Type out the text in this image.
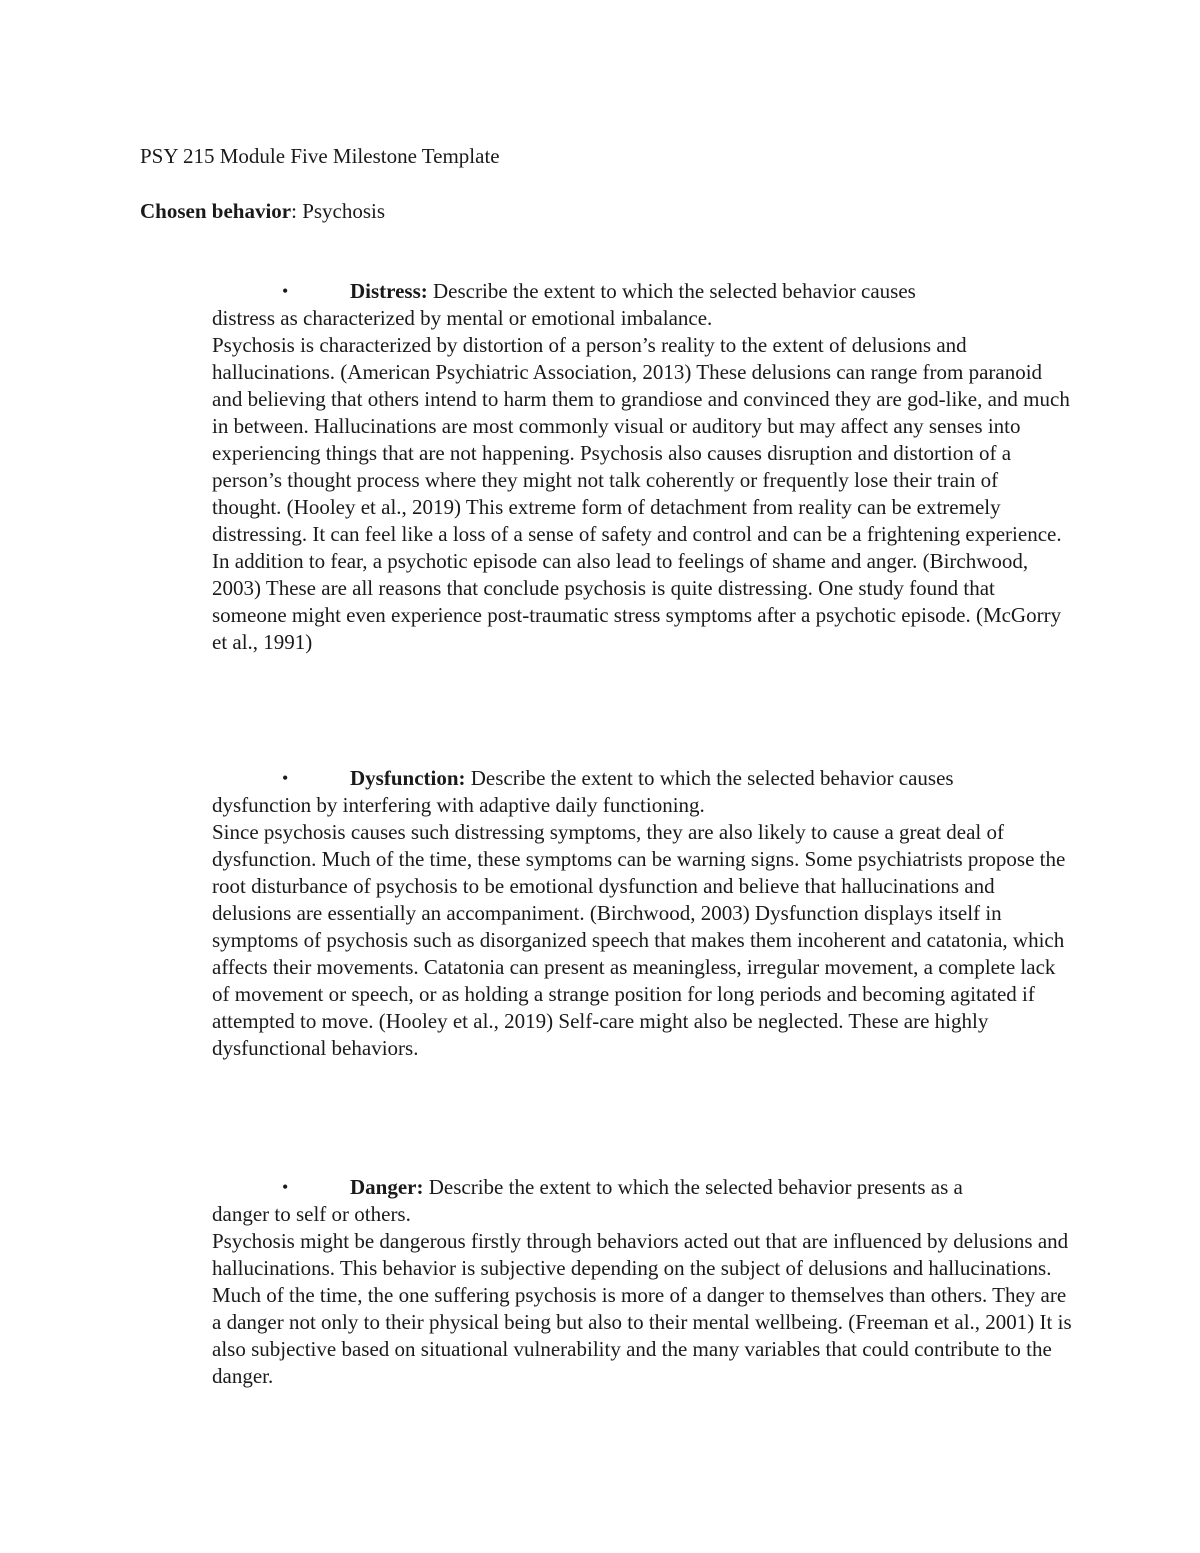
PSY 215 Module Five Milestone Template
Chosen behavior: Psychosis
•	Distress: Describe the extent to which the selected behavior causes
distress as characterized by mental or emotional imbalance.

Psychosis is characterized by distortion of a person’s reality to the extent of delusions and hallucinations. (American Psychiatric Association, 2013) These delusions can range from paranoid and believing that others intend to harm them to grandiose and convinced they are god-like, and much in between. Hallucinations are most commonly visual or auditory but may affect any senses into experiencing things that are not happening. Psychosis also causes disruption and distortion of a person’s thought process where they might not talk coherently or frequently lose their train of thought. (Hooley et al., 2019) This extreme form of detachment from reality can be extremely distressing. It can feel like a loss of a sense of safety and control and can be a frightening experience. In addition to fear, a psychotic episode can also lead to feelings of shame and anger. (Birchwood, 2003) These are all reasons that conclude psychosis is quite distressing. One study found that someone might even experience post-traumatic stress symptoms after a psychotic episode. (McGorry et al., 1991)

•	Dysfunction: Describe the extent to which the selected behavior causes
dysfunction by interfering with adaptive daily functioning.

Since psychosis causes such distressing symptoms, they are also likely to cause a great deal of dysfunction. Much of the time, these symptoms can be warning signs. Some psychiatrists propose the root disturbance of psychosis to be emotional dysfunction and believe that hallucinations and delusions are essentially an accompaniment. (Birchwood, 2003) Dysfunction displays itself in symptoms of psychosis such as disorganized speech that makes them incoherent and catatonia, which affects their movements. Catatonia can present as meaningless, irregular movement, a complete lack of movement or speech, or as holding a strange position for long periods and becoming agitated if attempted to move. (Hooley et al., 2019) Self-care might also be neglected. These are highly dysfunctional behaviors.

•	Danger: Describe the extent to which the selected behavior presents as a
danger to self or others.

Psychosis might be dangerous firstly through behaviors acted out that are influenced by delusions and hallucinations. This behavior is subjective depending on the subject of delusions and hallucinations. Much of the time, the one suffering psychosis is more of a danger to themselves than others. They are a danger not only to their physical being but also to their mental wellbeing. (Freeman et al., 2001) It is also subjective based on situational vulnerability and the many variables that could contribute to the danger.
